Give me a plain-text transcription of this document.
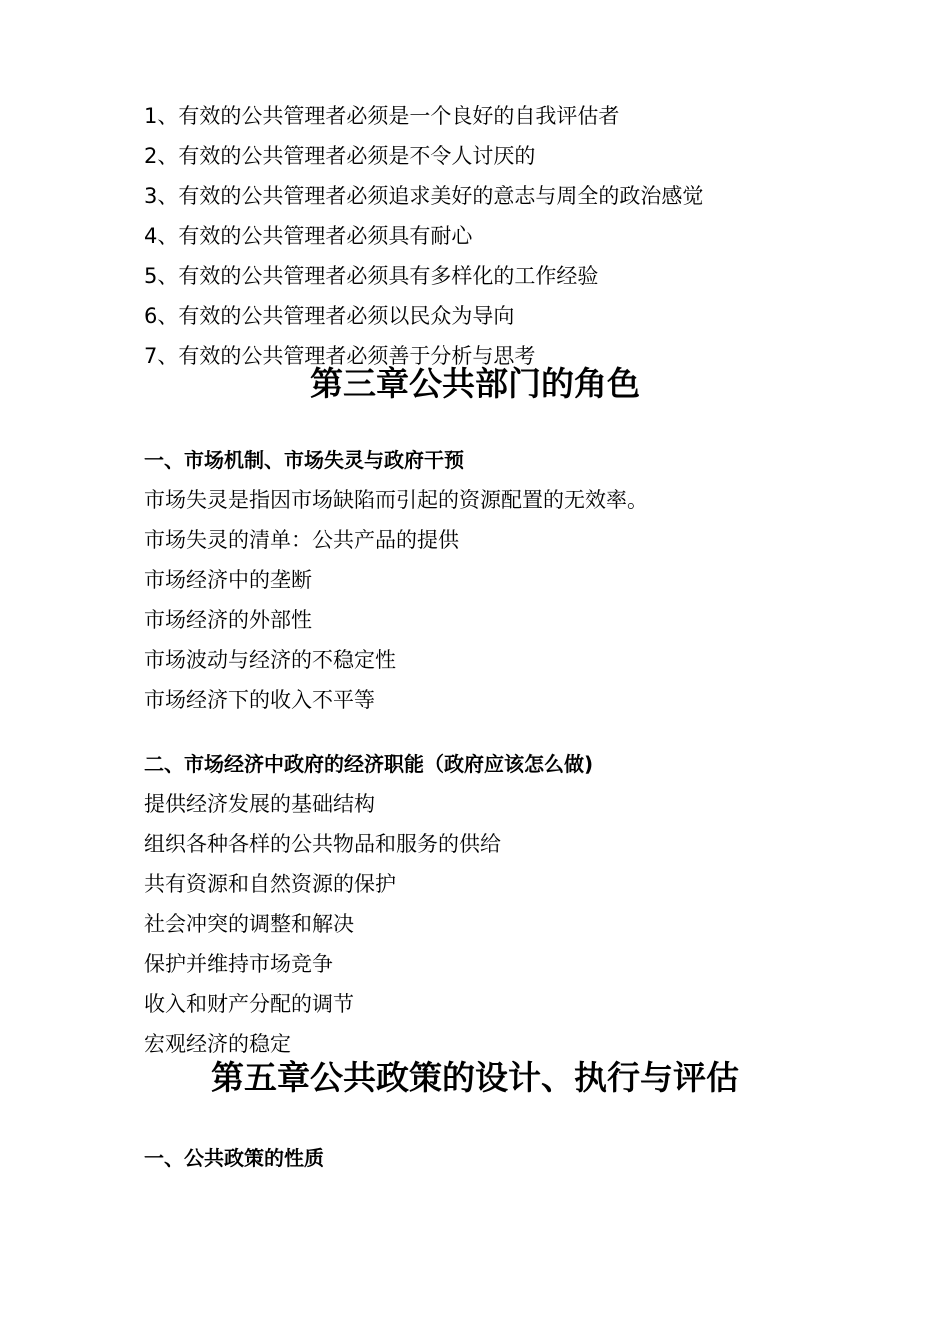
1、有效的公共管理者必须是一个良好的自我评估者
2、有效的公共管理者必须是不令人讨厌的
3、有效的公共管理者必须追求美好的意志与周全的政治感觉
4、有效的公共管理者必须具有耐心
5、有效的公共管理者必须具有多样化的工作经验
6、有效的公共管理者必须以民众为导向
7、有效的公共管理者必须善于分析与思考
第三章公共部门的角色
一、市场机制、市场失灵与政府干预
市场失灵是指因市场缺陷而引起的资源配置的无效率。
市场失灵的清单：公共产品的提供
市场经济中的垄断
市场经济的外部性
市场波动与经济的不稳定性
市场经济下的收入不平等
二、市场经济中政府的经济职能（政府应该怎么做)
提供经济发展的基础结构
组织各种各样的公共物品和服务的供给
共有资源和自然资源的保护
社会冲突的调整和解决
保护并维持市场竞争
收入和财产分配的调节
宏观经济的稳定
第五章公共政策的设计、执行与评估
一、公共政策的性质
